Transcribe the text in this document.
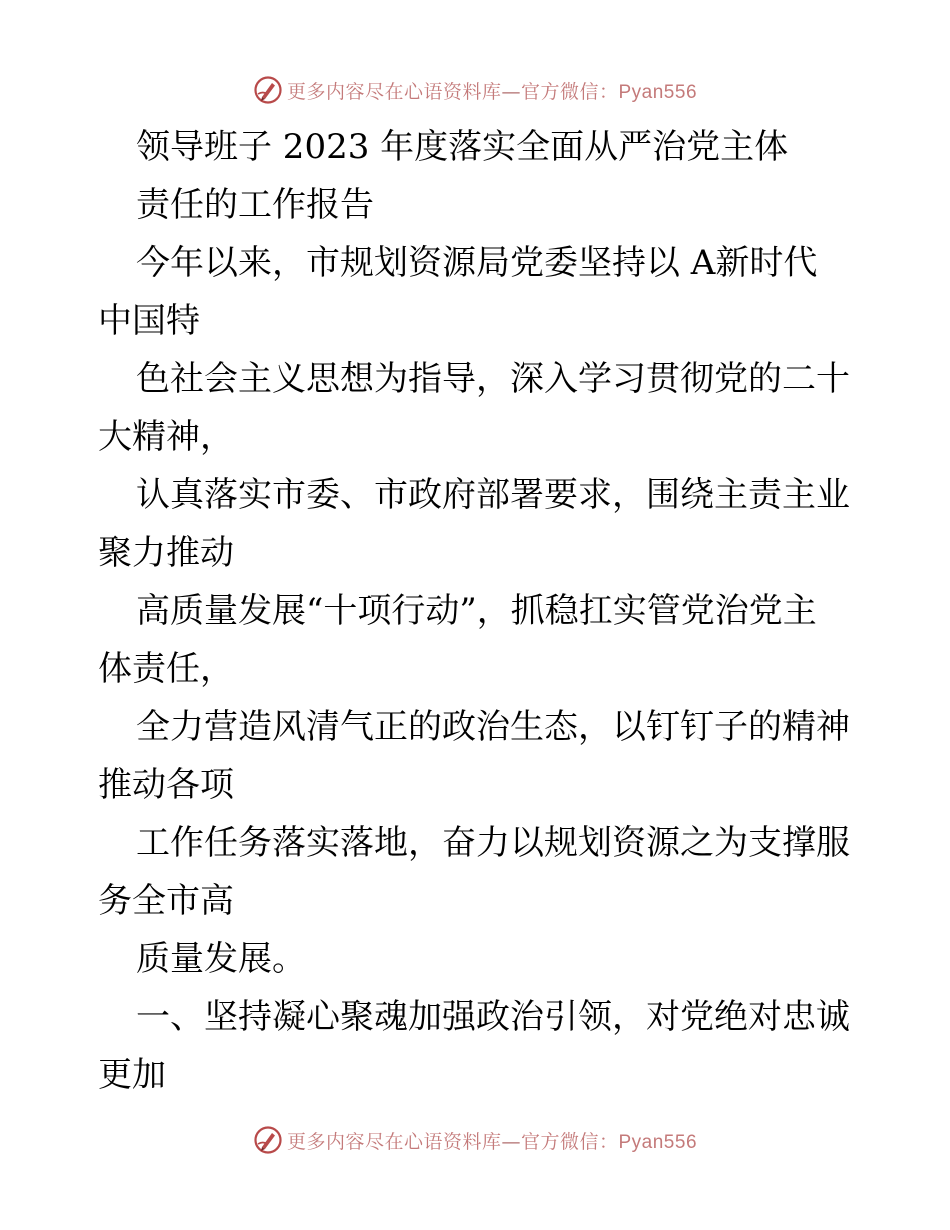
更多内容尽在心语资料库—官方微信：Pyan556
领导班子 2023 年度落实全面从严治党主体
责任的工作报告
今年以来，市规划资源局党委坚持以 A新时代
中国特
色社会主义思想为指导，深入学习贯彻党的二十
大精神，
认真落实市委、市政府部署要求，围绕主责主业
聚力推动
高质量发展“十项行动”，抓稳扛实管党治党主
体责任，
全力营造风清气正的政治生态，以钉钉子的精神
推动各项
工作任务落实落地，奋力以规划资源之为支撑服
务全市高
质量发展。
一、坚持凝心聚魂加强政治引领，对党绝对忠诚
更加
更多内容尽在心语资料库—官方微信：Pyan556
